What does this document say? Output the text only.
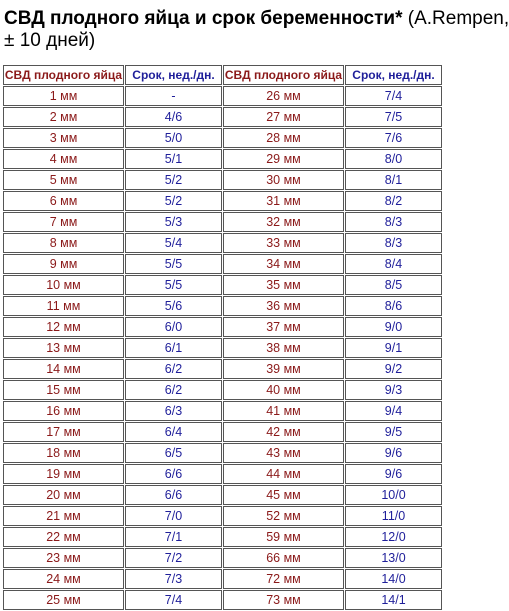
СВД плодного яйца и срок беременности* (A.Rempen,
± 10 дней)
СВД плодного яйца	Срок, нед./дн.	СВД плодного яйца	Срок, нед./дн.
1 мм	-	26 мм	7/4
2 мм	4/6	27 мм	7/5
3 мм	5/0	28 мм	7/6
4 мм	5/1	29 мм	8/0
5 мм	5/2	30 мм	8/1
6 мм	5/2	31 мм	8/2
7 мм	5/3	32 мм	8/3
8 мм	5/4	33 мм	8/3
9 мм	5/5	34 мм	8/4
10 мм	5/5	35 мм	8/5
11 мм	5/6	36 мм	8/6
12 мм	6/0	37 мм	9/0
13 мм	6/1	38 мм	9/1
14 мм	6/2	39 мм	9/2
15 мм	6/2	40 мм	9/3
16 мм	6/3	41 мм	9/4
17 мм	6/4	42 мм	9/5
18 мм	6/5	43 мм	9/6
19 мм	6/6	44 мм	9/6
20 мм	6/6	45 мм	10/0
21 мм	7/0	52 мм	11/0
22 мм	7/1	59 мм	12/0
23 мм	7/2	66 мм	13/0
24 мм	7/3	72 мм	14/0
25 мм	7/4	73 мм	14/1
